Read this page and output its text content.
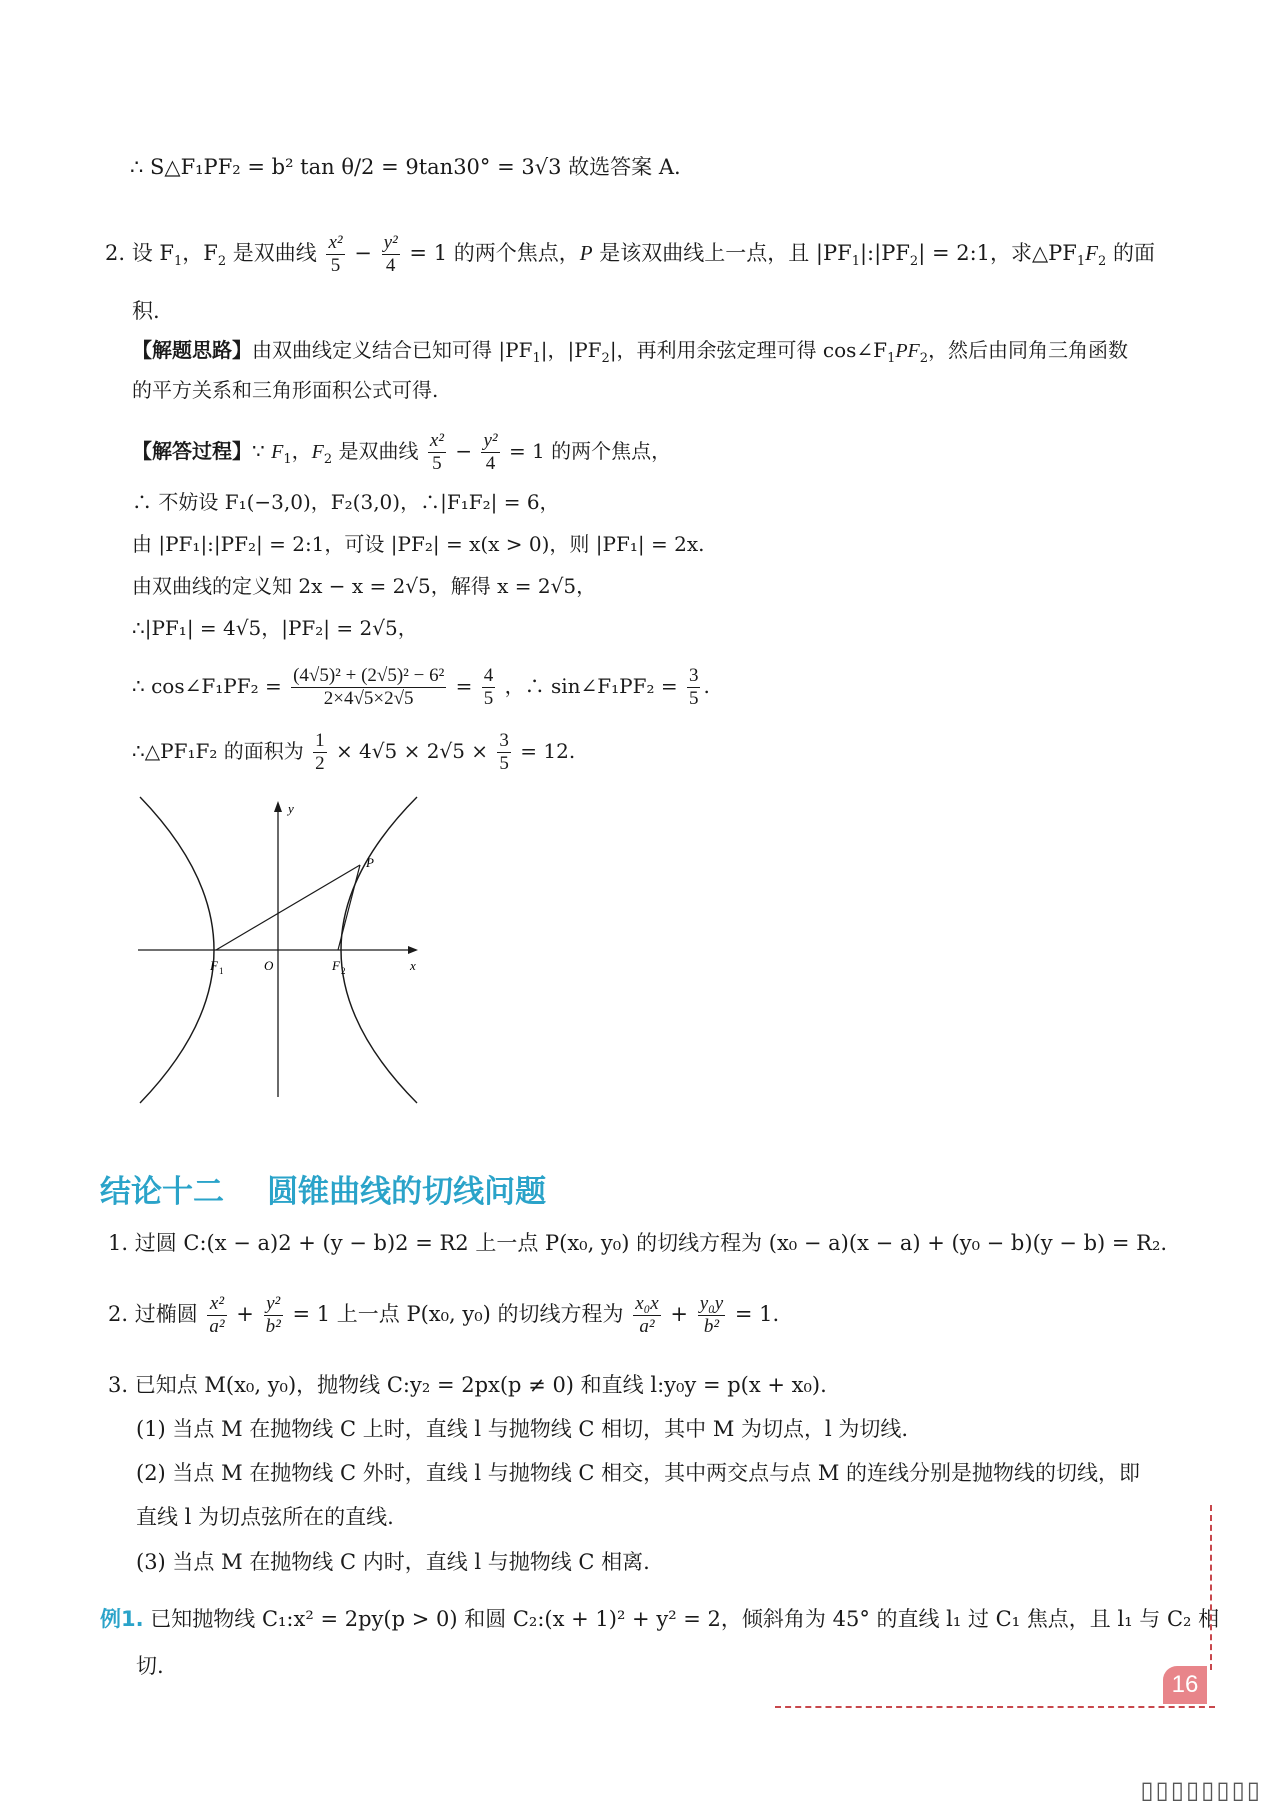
∴ S△F₁PF₂ = b² tan θ/2 = 9tan30° = 3√3 故选答案 A.
2. 设 $F_1$，$F_2$ 是双曲线 $\frac{\text{x²}}{5} - \frac{\text{y²}}{4} = 1$ 的两个焦点，P 是该双曲线上一点，且 $|PF_1|:|PF_2|$ = 2:1，求$\triangle PF_1F_2$ 的面
积.
【解题思路】由双曲线定义结合已知可得 $|PF_1|$，$|PF_2|$，再利用余弦定理可得 $\cos\angle F_1PF_2$，然后由同角三角函数
的平方关系和三角形面积公式可得.
【解答过程】∵ $F_1$，$F_2$ 是双曲线 $\frac{\text{x²}}{5} - \frac{\text{y²}}{4} = 1$ 的两个焦点，
∴ 不妨设 F₁(−3,0)，F₂(3,0)，∴|F₁F₂| = 6，
由 |PF₁|:|PF₂| = 2:1，可设 |PF₂| = x(x > 0)，则 |PF₁| = 2x.
由双曲线的定义知 2x − x = 2√5，解得 x = 2√5，
∴|PF₁| = 4√5，|PF₂| = 2√5，
∴ cos∠F₁PF₂ = $\frac{\text{(4√5)² + (2√5)² − 6²}}{2\times 4√5\times 2√5} = \frac{4}{5}$ ，∴ sin∠F₁PF₂ = $\frac{3}{5}$ .
∴△PF₁F₂ 的面积为 $\frac{1}{2} \times 4√5 \times 2√5 \times \frac{3}{5} = 12$.
y
x
O
P
F 1	F 2
结论十二    圆锥曲线的切线问题
1. 过圆 C:(x − a)2 + (y − b)2 = R2 上一点 P(x₀, y₀) 的切线方程为 (x₀ − a)(x − a) + (y₀ − b)(y − b) = R₂.
2. 过椭圆 $\frac{\text{x²}}{\text{a²}} + \frac{\text{y²}}{\text{b²}} = 1$ 上一点 P(x₀, y₀) 的切线方程为 $\frac{\text{x₀x}}{\text{a²}} + \frac{\text{y₀y}}{\text{b²}} = 1$.
3. 已知点 M(x₀, y₀)，抛物线 C:y₂ = 2px(p ≠ 0) 和直线 l:y₀y = p(x + x₀).
(1) 当点 M 在抛物线 C 上时，直线 l 与抛物线 C 相切，其中 M 为切点，l 为切线.
(2) 当点 M 在抛物线 C 外时，直线 l 与抛物线 C 相交，其中两交点与点 M 的连线分别是抛物线的切线，即
直线 l 为切点弦所在的直线.
(3) 当点 M 在抛物线 C 内时，直线 l 与抛物线 C 相离.
例1. 已知抛物线 C₁:x² = 2py(p > 0) 和圆 C₂:(x + 1)² + y² = 2，倾斜角为 45° 的直线 l₁ 过 C₁ 焦点，且 l₁ 与 C₂ 相
切.
16
▯▯▯▯▯▯▯▯
